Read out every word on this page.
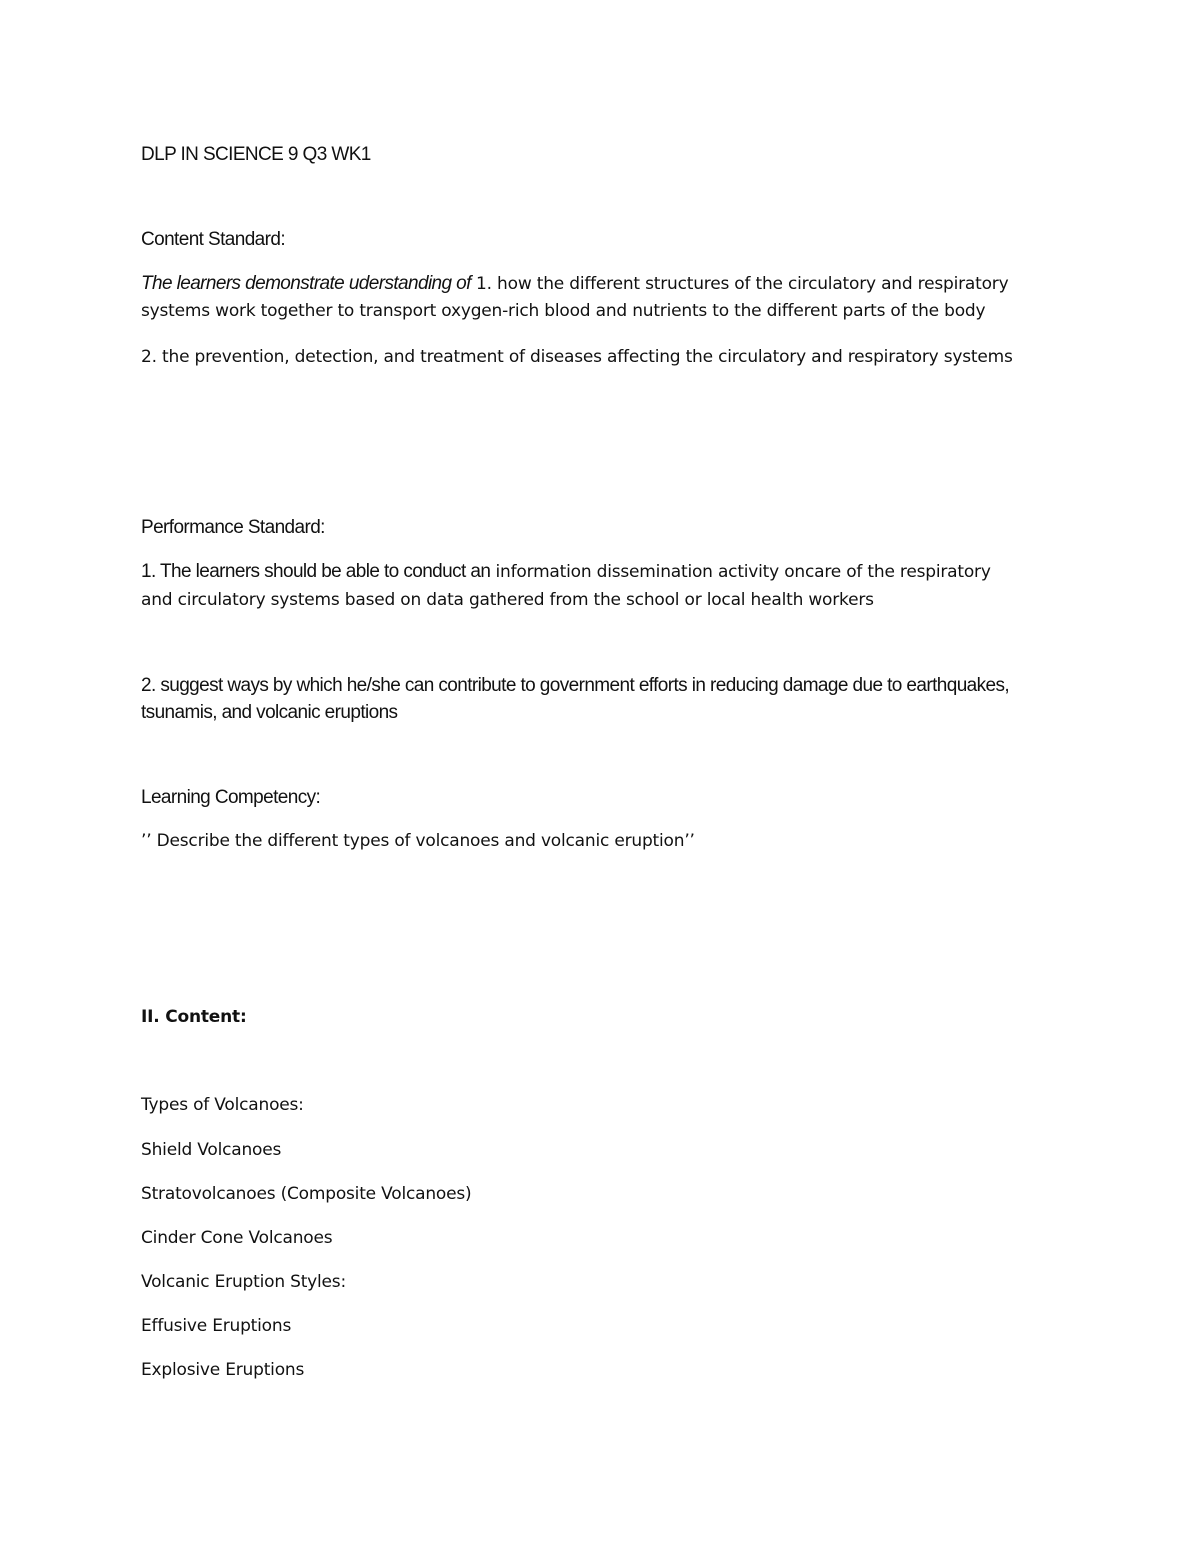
DLP IN SCIENCE 9 Q3 WK1
Content Standard:
The learners demonstrate uderstanding of 1. how the different structures of the circulatory and respiratory
systems work together to transport oxygen-rich blood and nutrients to the different parts of the body
2. the prevention, detection, and treatment of diseases affecting the circulatory and respiratory systems
Performance Standard:
1. The learners should be able to conduct an information dissemination activity oncare of the respiratory
and circulatory systems based on data gathered from the school or local health workers
2. suggest ways by which he/she can contribute to government efforts in reducing damage due to earthquakes,
tsunamis, and volcanic eruptions
Learning Competency:
’’ Describe the different types of volcanoes and volcanic eruption’’
II. Content:
Types of Volcanoes:
Shield Volcanoes
Stratovolcanoes (Composite Volcanoes)
Cinder Cone Volcanoes
Volcanic Eruption Styles:
Effusive Eruptions
Explosive Eruptions
